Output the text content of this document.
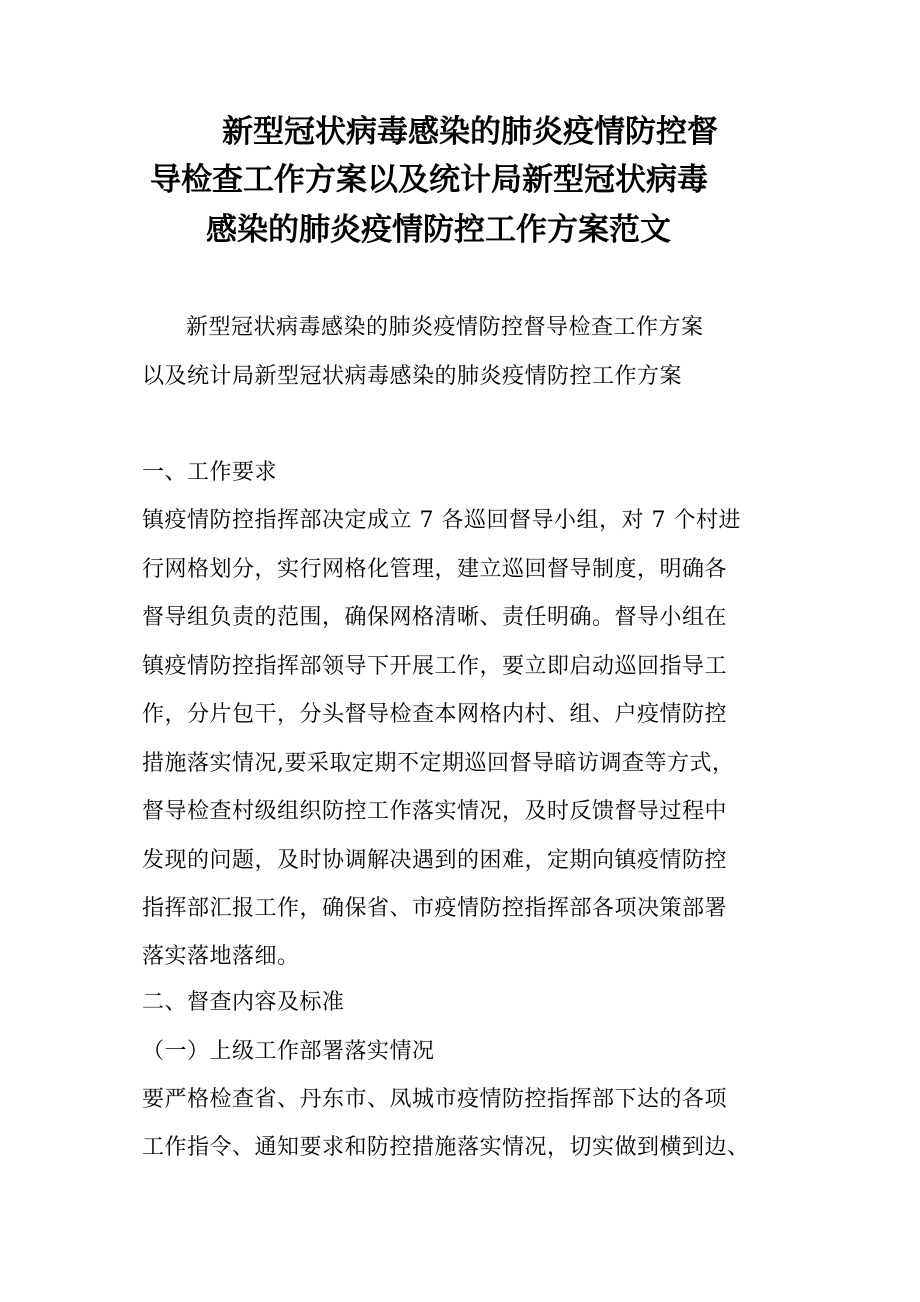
新型冠状病毒感染的肺炎疫情防控督
导检查工作方案以及统计局新型冠状病毒
感染的肺炎疫情防控工作方案范文
新型冠状病毒感染的肺炎疫情防控督导检查工作方案
以及统计局新型冠状病毒感染的肺炎疫情防控工作方案
一、工作要求
镇疫情防控指挥部决定成立 7 各巡回督导小组，对 7 个村进
行网格划分，实行网格化管理，建立巡回督导制度，明确各
督导组负责的范围，确保网格清晰、责任明确。督导小组在
镇疫情防控指挥部领导下开展工作，要立即启动巡回指导工
作，分片包干，分头督导检查本网格内村、组、户疫情防控
措施落实情况,要采取定期不定期巡回督导暗访调查等方式，
督导检查村级组织防控工作落实情况，及时反馈督导过程中
发现的问题，及时协调解决遇到的困难，定期向镇疫情防控
指挥部汇报工作，确保省、市疫情防控指挥部各项决策部署
落实落地落细。
二、督查内容及标准
（一）上级工作部署落实情况
要严格检查省、丹东市、凤城市疫情防控指挥部下达的各项
工作指令、通知要求和防控措施落实情况，切实做到横到边、
